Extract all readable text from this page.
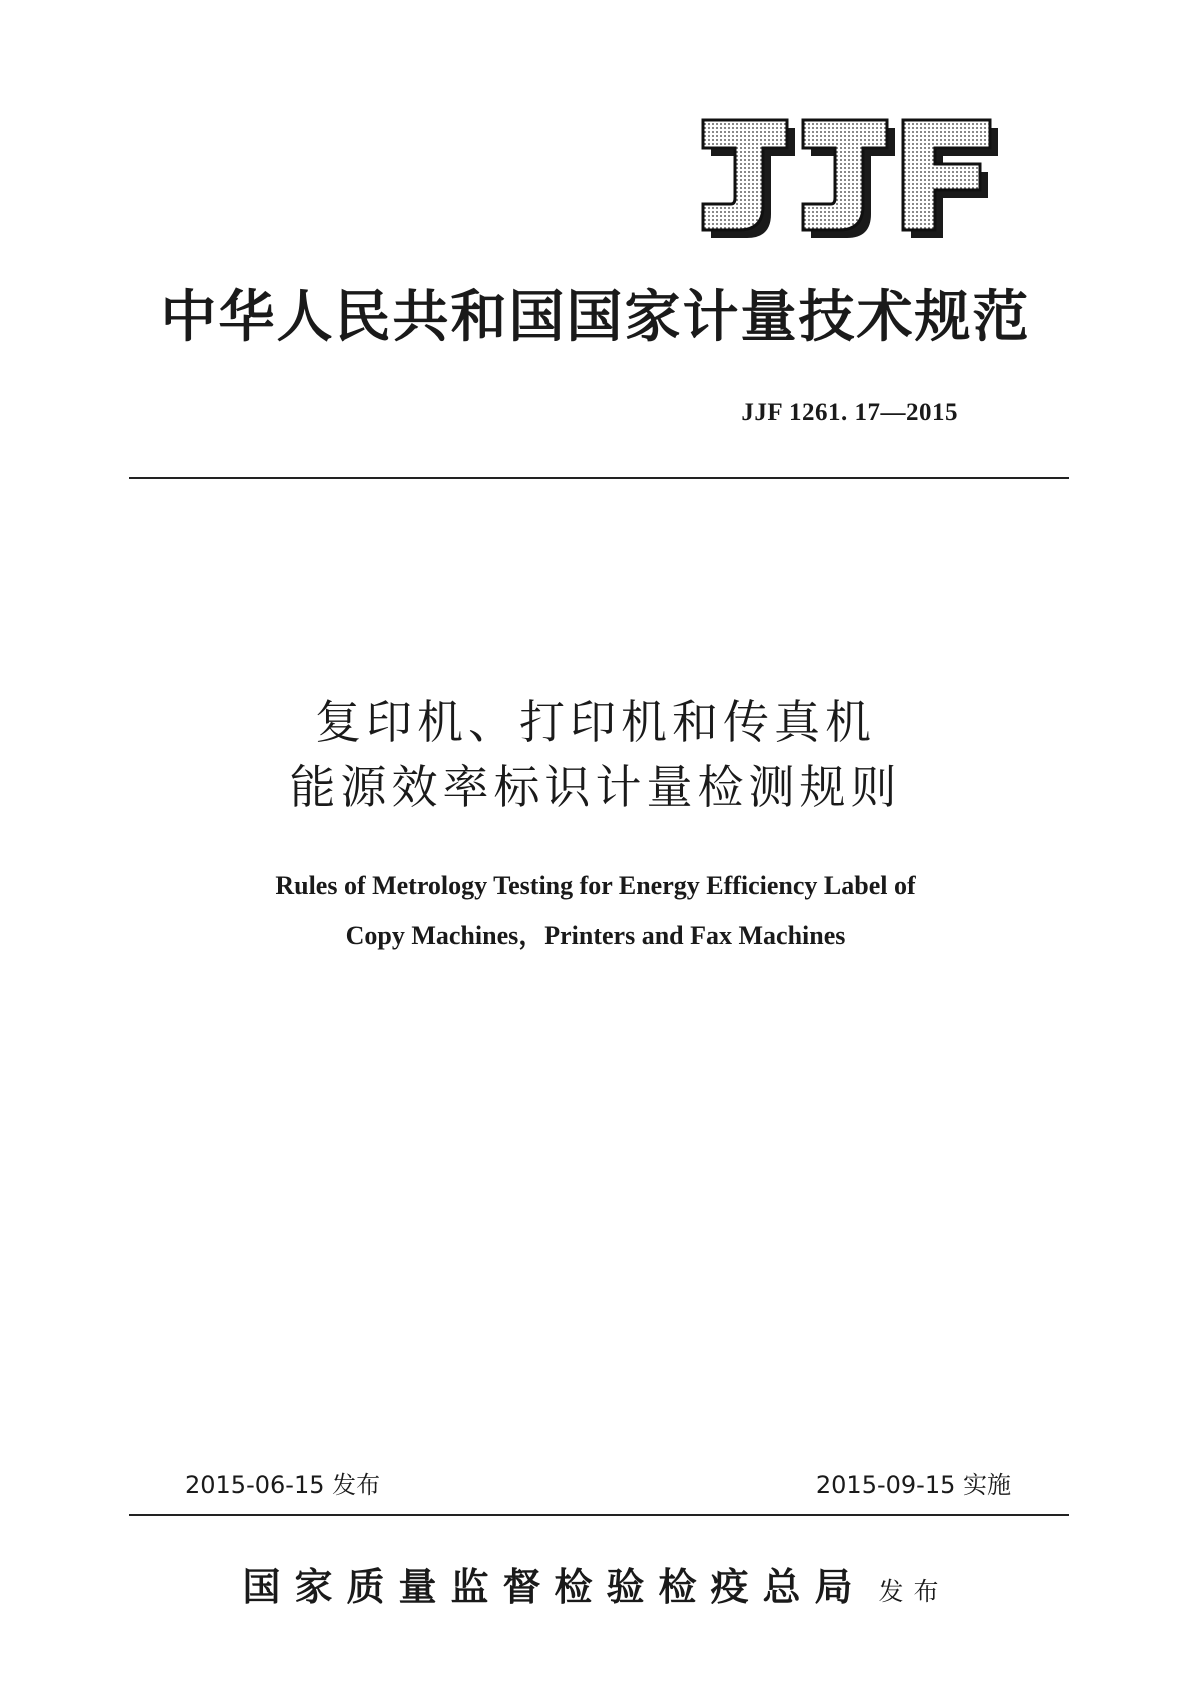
中华人民共和国国家计量技术规范
JJF 1261. 17—2015
复印机、打印机和传真机
能源效率标识计量检测规则
Rules of Metrology Testing for Energy Efficiency Label of
Copy Machines，Printers and Fax Machines
2015-06-15 发布	2015-09-15 实施
国家质量监督检验检疫总局 发布
